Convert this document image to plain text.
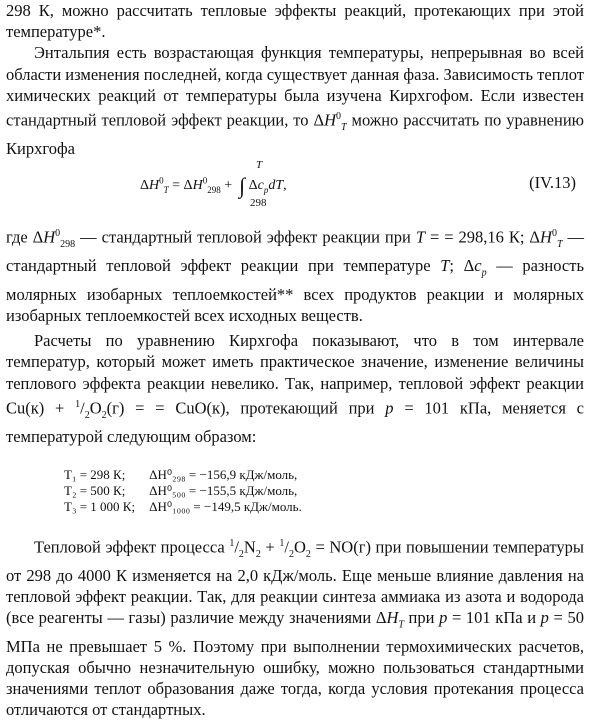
298 К, можно рассчитать тепловые эффекты реакций, протекающих при этой температуре*.

Энтальпия есть возрастающая функция температуры, непрерывная во всей области изменения последней, когда существует данная фаза. Зависимость теплот химических реакций от температуры была изучена Кирхгофом. Если известен стандартный тепловой эффект реакции, то $\Delta H^0_T$ можно рассчитать по уравнению Кирхгофа

T
$\Delta H^0_T = \Delta H^0_{298}$ +  ∫ $\Delta c_pdT$,
298
(IV.13)

где $\Delta H^0_{298}$ — стандартный тепловой эффект реакции при T = = 298,16 К; $\Delta H^0_T$ — стандартный тепловой эффект реакции при температуре T; $\Delta c_p$ — разность молярных изобарных теплоемкостей** всех продуктов реакции и молярных изобарных теплоемкостей всех исходных веществ.

Расчеты по уравнению Кирхгофа показывают, что в том интервале температур, который может иметь практическое значение, изменение величины теплового эффекта реакции невелико. Так, например, тепловой эффект реакции $Cu(к) + ^1/_2O_2(г)$ = = CuO(к), протекающий при p = 101 кПа, меняется с температурой следующим образом:

T₁ = 298 К;	ΔH⁰₂₉₈ = −156,9 кДж/моль,
T₂ = 500 К;	ΔH⁰₅₀₀ = −155,5 кДж/моль,
T₃ = 1 000 К;	ΔH⁰₁₀₀₀ = −149,5 кДж/моль.

Тепловой эффект процесса $^1/_2N_2 + ^1/_2O_2 = NO(г)$ при повышении температуры от 298 до 4000 К изменяется на 2,0 кДж/моль. Еще меньше влияние давления на тепловой эффект реакции. Так, для реакции синтеза аммиака из азота и водорода (все реагенты — газы) различие между значениями $\Delta H_T$ при p = 101 кПа и p = 50 МПа не превышает 5 %. Поэтому при выполнении термохимических расчетов, допуская обычно незначительную ошибку, можно пользоваться стандартными значениями теплот образования даже тогда, когда условия протекания процесса отличаются от стандартных.
